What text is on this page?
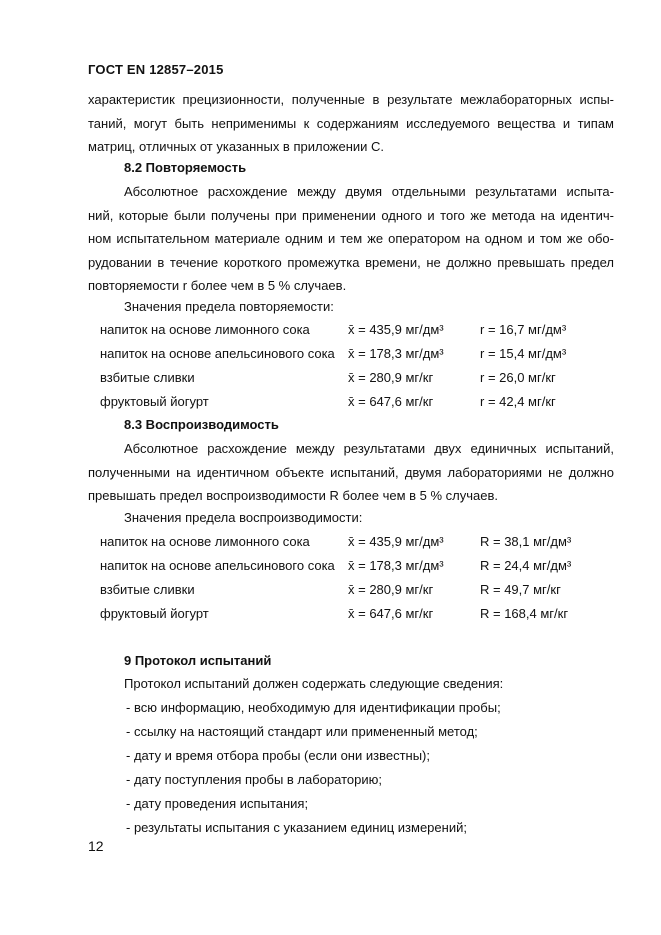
ГОСТ EN 12857–2015
характеристик прецизионности, полученные в результате межлабораторных испы-
таний, могут быть неприменимы к содержаниям исследуемого вещества и типам
матриц, отличных от указанных в приложении С.
8.2 Повторяемость
Абсолютное расхождение между двумя отдельными результатами испыта-
ний, которые были получены при применении одного и того же метода на идентич-
ном испытательном материале одним и тем же оператором на одном и том же обо-
рудовании в течение короткого промежутка времени, не должно превышать предел
повторяемости r более чем в 5 % случаев.
Значения предела повторяемости:
напиток на основе лимонного сока	x̄ = 435,9 мг/дм³	r = 16,7 мг/дм³
напиток на основе апельсинового сока	x̄ = 178,3 мг/дм³	r = 15,4 мг/дм³
взбитые сливки	x̄ = 280,9 мг/кг	r = 26,0 мг/кг
фруктовый йогурт	x̄ = 647,6 мг/кг	r = 42,4 мг/кг
8.3 Воспроизводимость
Абсолютное расхождение между результатами двух единичных испытаний,
полученными на идентичном объекте испытаний, двумя лабораториями не должно
превышать предел воспроизводимости R более чем в 5 % случаев.
Значения предела воспроизводимости:
напиток на основе лимонного сока	x̄ = 435,9 мг/дм³	R = 38,1 мг/дм³
напиток на основе апельсинового сока	x̄ = 178,3 мг/дм³	R = 24,4 мг/дм³
взбитые сливки	x̄ = 280,9 мг/кг	R = 49,7 мг/кг
фруктовый йогурт	x̄ = 647,6 мг/кг	R = 168,4 мг/кг
9 Протокол испытаний
Протокол испытаний должен содержать следующие сведения:
- всю информацию, необходимую для идентификации пробы;
- ссылку на настоящий стандарт или примененный метод;
- дату и время отбора пробы (если они известны);
- дату поступления пробы в лабораторию;
- дату проведения испытания;
- результаты испытания с указанием единиц измерений;
12
